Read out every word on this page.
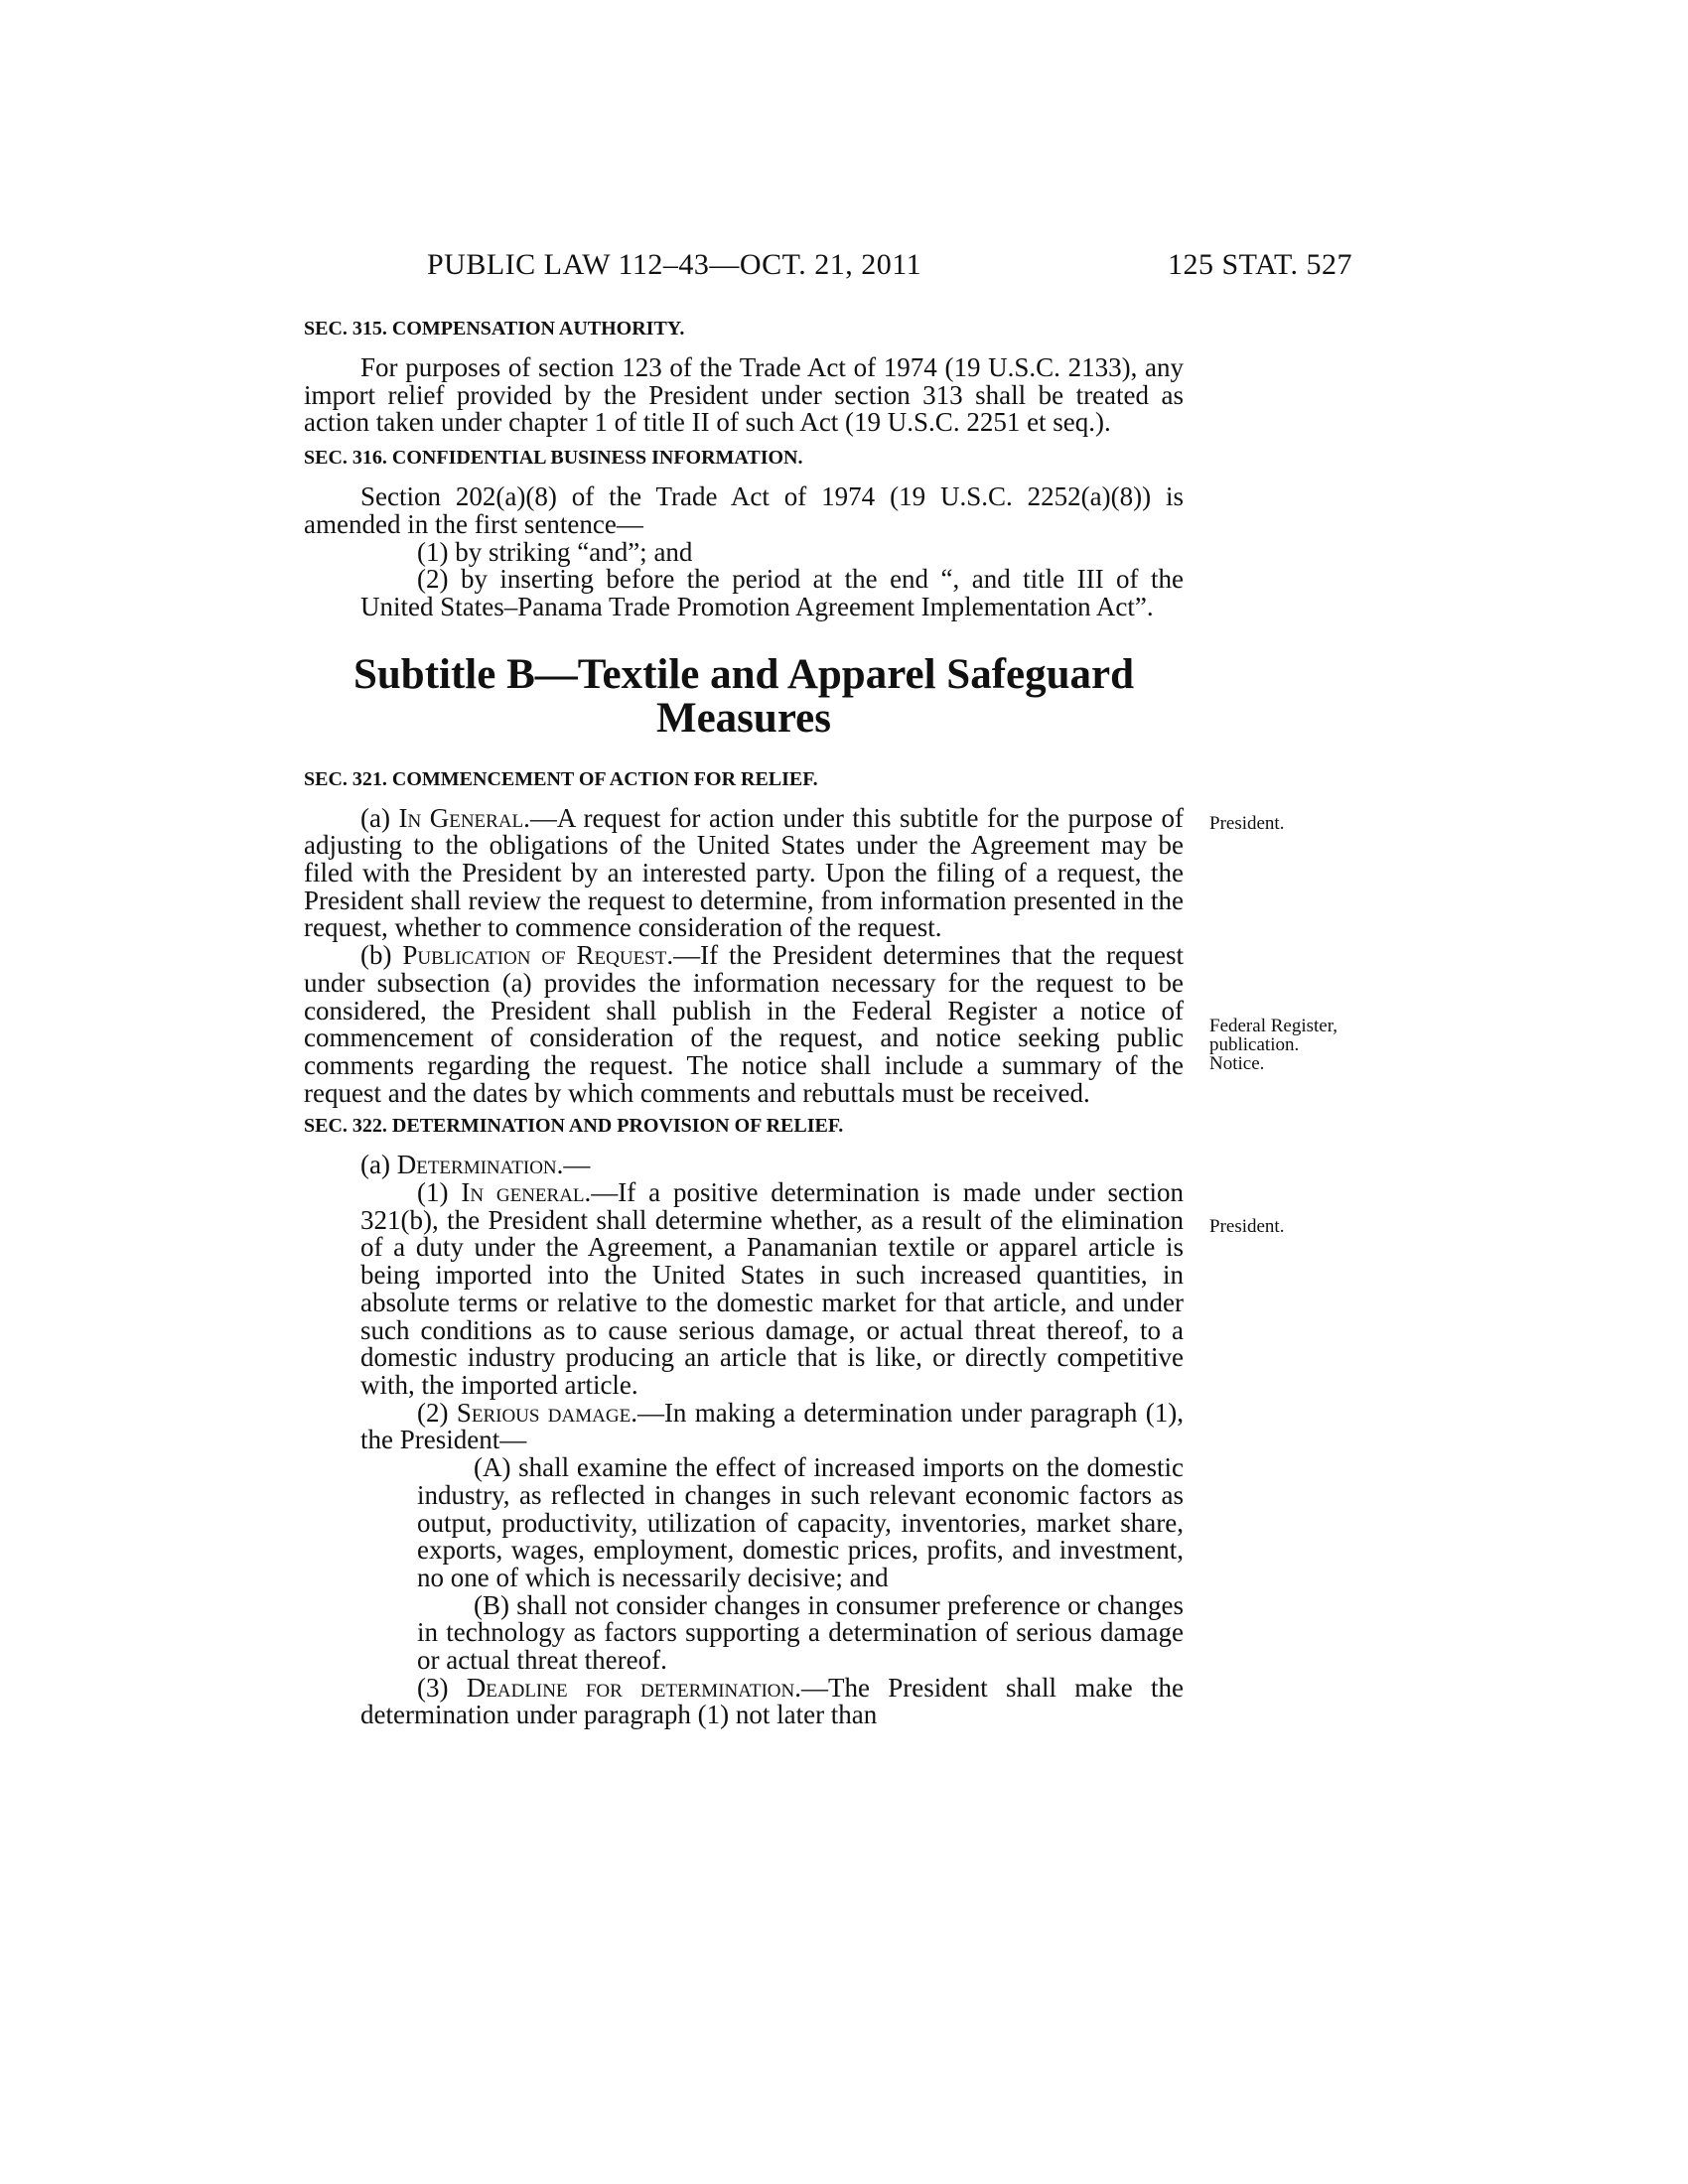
PUBLIC LAW 112–43—OCT. 21, 2011	125 STAT. 527

SEC. 315. COMPENSATION AUTHORITY.

For purposes of section 123 of the Trade Act of 1974 (19 U.S.C. 2133), any import relief provided by the President under section 313 shall be treated as action taken under chapter 1 of title II of such Act (19 U.S.C. 2251 et seq.).

SEC. 316. CONFIDENTIAL BUSINESS INFORMATION.

Section 202(a)(8) of the Trade Act of 1974 (19 U.S.C. 2252(a)(8)) is amended in the first sentence—

(1) by striking “and”; and

(2) by inserting before the period at the end “, and title III of the United States–Panama Trade Promotion Agreement Implementation Act”.

Subtitle B—Textile and Apparel Safeguard

Measures

SEC. 321. COMMENCEMENT OF ACTION FOR RELIEF.

(a) In General.—A request for action under this subtitle for the purpose of adjusting to the obligations of the United States under the Agreement may be filed with the President by an interested party. Upon the filing of a request, the President shall review the request to determine, from information presented in the request, whether to commence consideration of the request.

(b) Publication of Request.—If the President determines that the request under subsection (a) provides the information necessary for the request to be considered, the President shall publish in the Federal Register a notice of commencement of consideration of the request, and notice seeking public comments regarding the request. The notice shall include a summary of the request and the dates by which comments and rebuttals must be received.

SEC. 322. DETERMINATION AND PROVISION OF RELIEF.

(a) Determination.—

(1) In general.—If a positive determination is made under section 321(b), the President shall determine whether, as a result of the elimination of a duty under the Agreement, a Panamanian textile or apparel article is being imported into the United States in such increased quantities, in absolute terms or relative to the domestic market for that article, and under such conditions as to cause serious damage, or actual threat thereof, to a domestic industry producing an article that is like, or directly competitive with, the imported article.

(2) Serious damage.—In making a determination under paragraph (1), the President—

(A) shall examine the effect of increased imports on the domestic industry, as reflected in changes in such relevant economic factors as output, productivity, utilization of capacity, inventories, market share, exports, wages, employment, domestic prices, profits, and investment, no one of which is necessarily decisive; and

(B) shall not consider changes in consumer preference or changes in technology as factors supporting a determination of serious damage or actual threat thereof.

(3) Deadline for determination.—The President shall make the determination under paragraph (1) not later than

President.
Federal Register,
publication.
Notice.
President.
